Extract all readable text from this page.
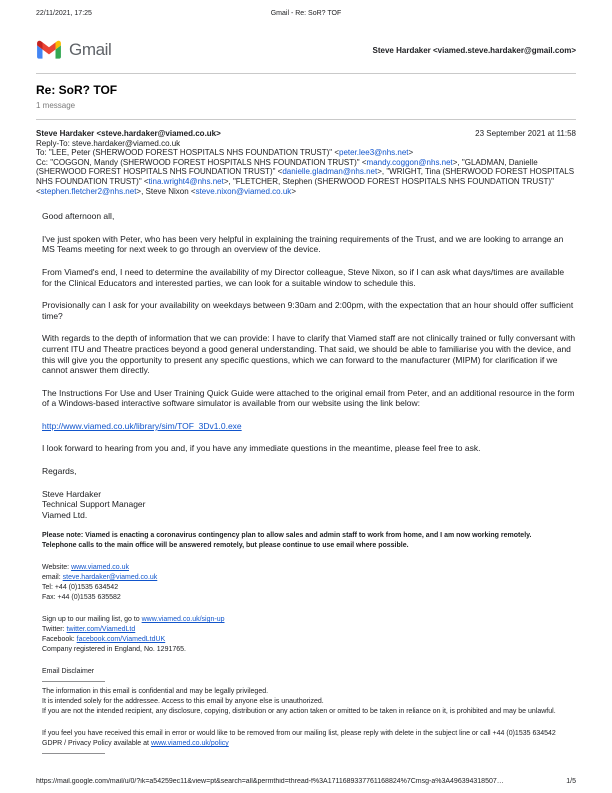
22/11/2021, 17:25	Gmail - Re: SoR? TOF
Gmail	Steve Hardaker <viamed.steve.hardaker@gmail.com>
Re: SoR? TOF
1 message
Steve Hardaker <steve.hardaker@viamed.co.uk>	23 September 2021 at 11:58
Reply-To: steve.hardaker@viamed.co.uk
To: "LEE, Peter (SHERWOOD FOREST HOSPITALS NHS FOUNDATION TRUST)" <peter.lee3@nhs.net>
Cc: "COGGON, Mandy (SHERWOOD FOREST HOSPITALS NHS FOUNDATION TRUST)" <mandy.coggon@nhs.net>, "GLADMAN, Danielle (SHERWOOD FOREST HOSPITALS NHS FOUNDATION TRUST)" <danielle.gladman@nhs.net>, "WRIGHT, Tina (SHERWOOD FOREST HOSPITALS NHS FOUNDATION TRUST)" <tina.wright4@nhs.net>, "FLETCHER, Stephen (SHERWOOD FOREST HOSPITALS NHS FOUNDATION TRUST)" <stephen.fletcher2@nhs.net>, Steve Nixon <steve.nixon@viamed.co.uk>

Good afternoon all,

I've just spoken with Peter, who has been very helpful in explaining the training requirements of the Trust, and we are looking to arrange an MS Teams meeting for next week to go through an overview of the device.

From Viamed's end, I need to determine the availability of my Director colleague, Steve Nixon, so if I can ask what days/times are available for the Clinical Educators and interested parties, we can look for a suitable window to schedule this.

Provisionally can I ask for your availability on weekdays between 9:30am and 2:00pm, with the expectation that an hour should offer sufficient time?

With regards to the depth of information that we can provide: I have to clarify that Viamed staff are not clinically trained or fully conversant with current ITU and Theatre practices beyond a good general understanding. That said, we should be able to familiarise you with the device, and this will give you the opportunity to present any specific questions, which we can forward to the manufacturer (MIPM) for clarification if we cannot answer them directly.

The Instructions For Use and User Training Quick Guide were attached to the original email from Peter, and an additional resource in the form of a Windows-based interactive software simulator is available from our website using the link below:

http://www.viamed.co.uk/library/sim/TOF_3Dv1.0.exe

I look forward to hearing from you and, if you have any immediate questions in the meantime, please feel free to ask.

Regards,

Steve Hardaker

Technical Support Manager

Viamed Ltd.

Please note: Viamed is enacting a coronavirus contingency plan to allow sales and admin staff to work from home, and I am now working remotely.
Telephone calls to the main office will be answered remotely, but please continue to use email where possible.
Website: www.viamed.co.uk
email: steve.hardaker@viamed.co.uk
Tel: +44 (0)1535 634542
Fax: +44 (0)1535 635582
Sign up to our mailing list, go to www.viamed.co.uk/sign-up
Twitter: twitter.com/ViamedLtd
Facebook: facebook.com/ViamedLtdUK
Company registered in England, No. 1291765.
Email Disclaimer
—————————
The information in this email is confidential and may be legally privileged.
It is intended solely for the addressee. Access to this email by anyone else is unauthorized.
If you are not the intended recipient, any disclosure, copying, distribution or any action taken or omitted to be taken in reliance on it, is prohibited and may be unlawful.
If you feel you have received this email in error or would like to be removed from our mailing list, please reply with delete in the subject line or call +44 (0)1535 634542
GDPR / Privacy Policy available at www.viamed.co.uk/policy
—————————
https://mail.google.com/mail/u/0/?ik=a54259ec11&view=pt&search=all&permthid=thread-f%3A1711689337761168824%7Cmsg-a%3A496394318507…	1/5
